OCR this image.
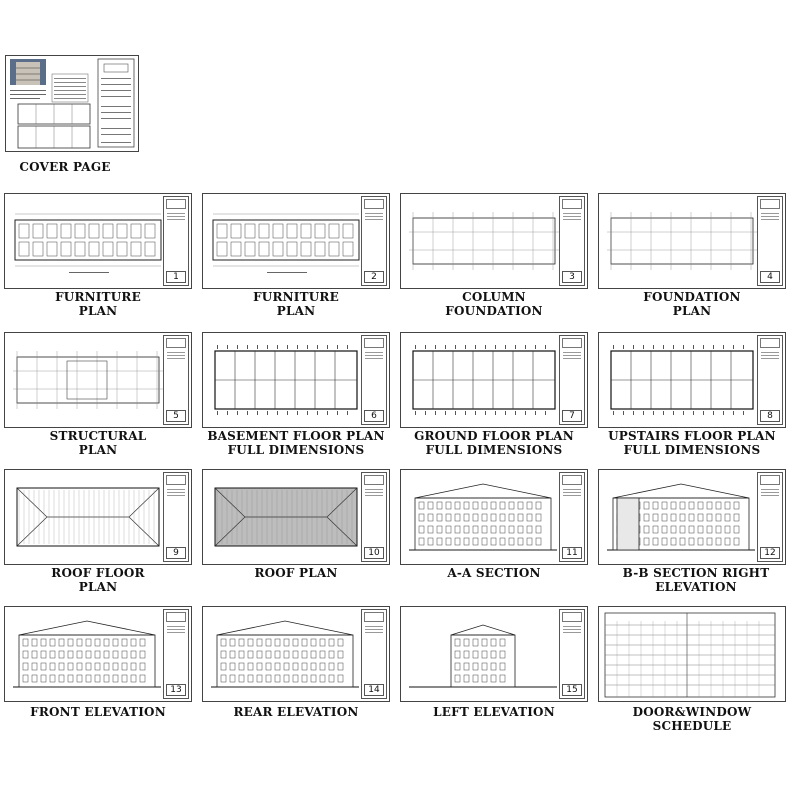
COVER PAGE
1
FURNITURE
PLAN
2
FURNITURE
PLAN
3
COLUMN
FOUNDATION
4
FOUNDATION
PLAN
5
STRUCTURAL
PLAN
6
BASEMENT FLOOR PLAN
FULL DIMENSIONS
7
GROUND FLOOR PLAN
FULL DIMENSIONS
8
UPSTAIRS FLOOR PLAN
FULL DIMENSIONS
9
ROOF FLOOR
PLAN
10
ROOF PLAN
11
A-A SECTION
12
B-B SECTION RIGHT ELEVATION
13
FRONT ELEVATION
14
REAR ELEVATION
15
LEFT ELEVATION	DOOR&WINDOW
SCHEDULE
